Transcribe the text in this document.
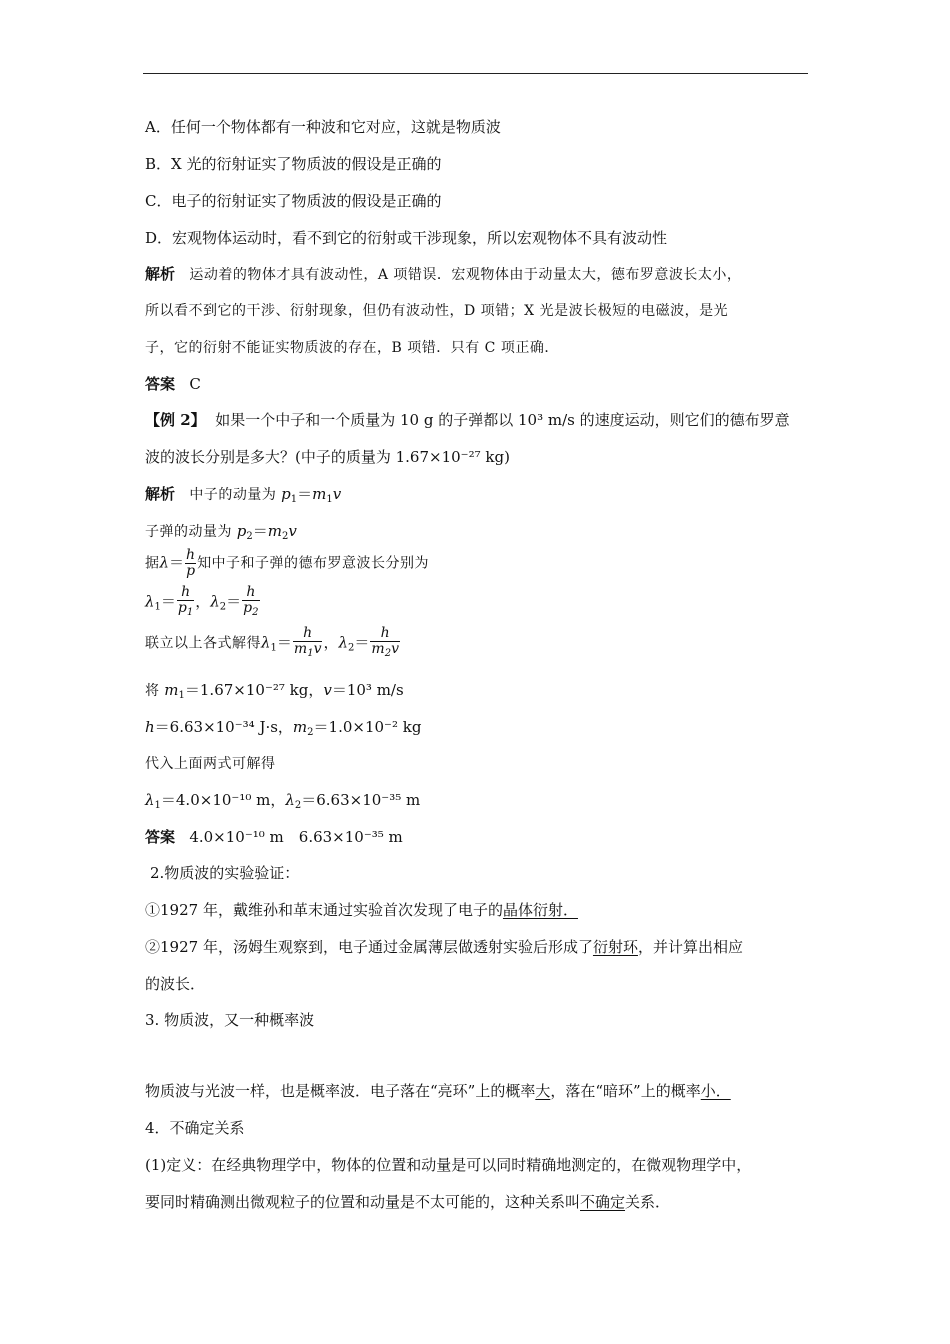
A．任何一个物体都有一种波和它对应，这就是物质波
B．X 光的衍射证实了物质波的假设是正确的
C．电子的衍射证实了物质波的假设是正确的
D．宏观物体运动时，看不到它的衍射或干涉现象，所以宏观物体不具有波动性
解析 运动着的物体才具有波动性，A 项错误．宏观物体由于动量太大，德布罗意波长太小，
所以看不到它的干涉、衍射现象，但仍有波动性，D 项错；X 光是波长极短的电磁波，是光
子，它的衍射不能证实物质波的存在，B 项错．只有 C 项正确．
答案 C
【例 2】 如果一个中子和一个质量为 10 g 的子弹都以 10³ m/s 的速度运动，则它们的德布罗意
波的波长分别是多大？(中子的质量为 1.67×10⁻²⁷ kg)
解析 中子的动量为 $p_1=m_1v$
子弹的动量为 $p_2=m_2v$
据$\lambda= \frac{h}{p}$ 知中子和子弹的德布罗意波长分别为
$\lambda_1= \frac{h}{p_1}$ ，$\lambda_2= \frac{h}{p_2}$
联立以上各式解得$\lambda_1= \frac{h}{m_1v}$ ，$\lambda_2= \frac{h}{m_2v}$
将 $m_1=1.67\times 10^{-27}$ kg，v＝10³ m/s
h＝6.63×10⁻³⁴ J·s，$m_2=1.0\times 10^{-2}$ kg
代入上面两式可解得
$\lambda_1=4.0\times 10^{-10}$ m，$\lambda_2=6.63\times 10^{-35}$ m
答案 4.0×10⁻¹⁰ m　6.63×10⁻³⁵ m
2.物质波的实验验证：
①1927 年，戴维孙和革末通过实验首次发现了电子的晶体衍射．
②1927 年，汤姆生观察到，电子通过金属薄层做透射实验后形成了衍射环，并计算出相应
的波长．
3. 物质波，又一种概率波
物质波与光波一样，也是概率波．电子落在“亮环”上的概率大，落在“暗环”上的概率小．
4．不确定关系
(1)定义：在经典物理学中，物体的位置和动量是可以同时精确地测定的，在微观物理学中，
要同时精确测出微观粒子的位置和动量是不太可能的，这种关系叫不确定关系．
